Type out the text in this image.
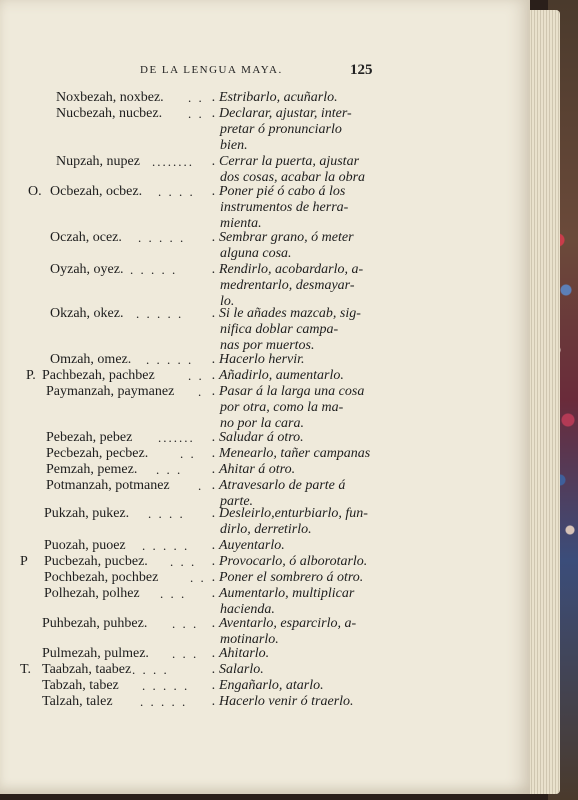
DE LA LENGUA MAYA.	125
Noxbezah, noxbez. . . . Estribarlo, acuñarlo.
Nucbezah, nucbez. . . . Declarar, ajustar, inter-
pretar ó pronunciarlo
bien.
Nupzah, nupez ........ . Cerrar la puerta, ajustar
dos cosas, acabar la obra
O. Ocbezah, ocbez. . . . . . Poner pié ó cabo á los
instrumentos de herra-
mienta.
Oczah, ocez. . . . . . . Sembrar grano, ó meter
alguna cosa.
Oyzah, oyez. . . . . . . Rendirlo, acobardarlo, a-
medrentarlo, desmayar-
lo.
Okzah, okez. . . . . . . Si le añades mazcab, sig-
nifica doblar campa-
nas por muertos.
Omzah, omez. . . . . . . Hacerlo hervir.
P. Pachbezah, pachbez	. . . Añadirlo, aumentarlo.
Paymanzah, paymanez . . Pasar á la larga una cosa
por otra, como la ma-
no por la cara.
Pebezah, pebez ....... . Saludar á otro.
Pecbezah, pecbez. . . . Menearlo, tañer campanas
Pemzah, pemez. . . . . Ahitar á otro.
Potmanzah, potmanez . . Atravesarlo de parte á
parte.
Pukzah, pukez. . . . . . Desleirlo,enturbiarlo, fun-
dirlo, derretirlo.
Puozah, puoez . . . . . . Auyentarlo.
P Pucbezah, pucbez. . . . . Provocarlo, ó alborotarlo.
Pochbezah, pochbez . . . Poner el sombrero á otro.
Polhezah, polhez . . . . Aumentarlo, multiplicar
hacienda.
Puhbezah, puhbez. . . . . Aventarlo, esparcirlo, a-
motinarlo.
Pulmezah, pulmez. . . . . Ahitarlo.
T. Taabzah, taabez . . . .	. Salarlo.
Tabzah, tabez . . . . . . Engañarlo, atarlo.
Talzah, talez . . . . . . Hacerlo venir ó traerlo.
